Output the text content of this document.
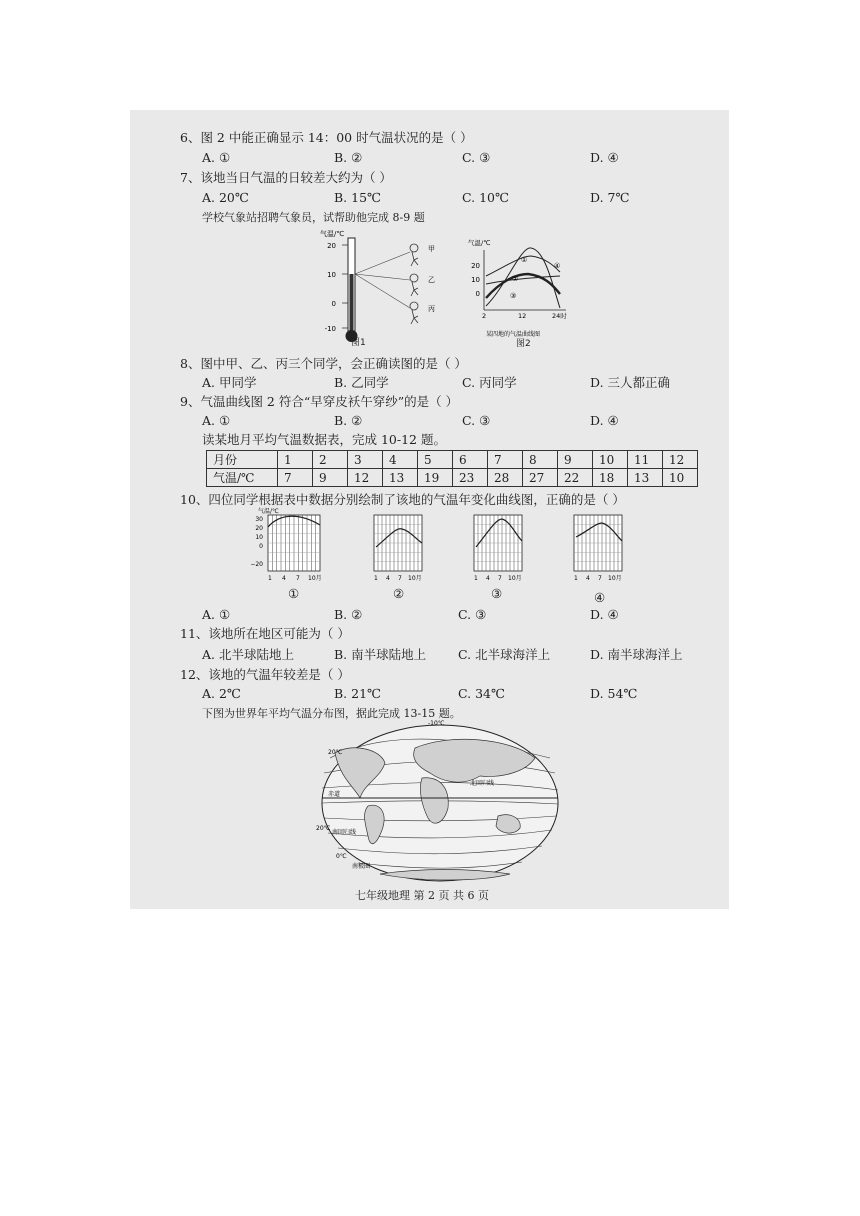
6、图 2 中能正确显示 14：00 时气温状况的是（ ）
A. ①	B. ②	C. ③	D. ④
7、该地当日气温的日较差大约为（ ）
A. 20℃	B. 15℃	C. 10℃	D. 7℃
学校气象站招聘气象员，试帮助他完成 8-9 题
气温/℃
20
10
0
-10
甲
乙
丙
图1
气温/℃
20
10
0
①
②
③
④
2	12	24时
某四地的气温曲线图
图2
8、图中甲、乙、丙三个同学，会正确读图的是（ ）
A. 甲同学	B. 乙同学	C. 丙同学	D. 三人都正确
9、气温曲线图 2 符合“早穿皮袄午穿纱”的是（ ）
A. ①	B. ②	C. ③	D. ④
读某地月平均气温数据表，完成 10-12 题。
月份	1	2	3	4	5	6	7	8	9	10	11	12
气温/℃	7	9	12	13	19	23	28	27	22	18	13	10
10、四位同学根据表中数据分别绘制了该地的气温年变化曲线图，正确的是（ ）
气温/℃
30
20
10
0
−20
1 4 7 10月	1 4 7 10月	1 4 7 10月	1 4 7 10月
①	②	③	④
A. ①	B. ②	C. ③	D. ④
11、该地所在地区可能为（ ）
A. 北半球陆地上	B. 南半球陆地上	C. 北半球海洋上	D. 南半球海洋上
12、该地的气温年较差是（ ）
A. 2℃	B. 21℃	C. 34℃	D. 54℃
下图为世界年平均气温分布图，据此完成 13-15 题。
-10℃
20℃
北回归线
赤道
20℃
南回归线
0℃
南极圈
七年级地理 第 2 页 共 6 页
